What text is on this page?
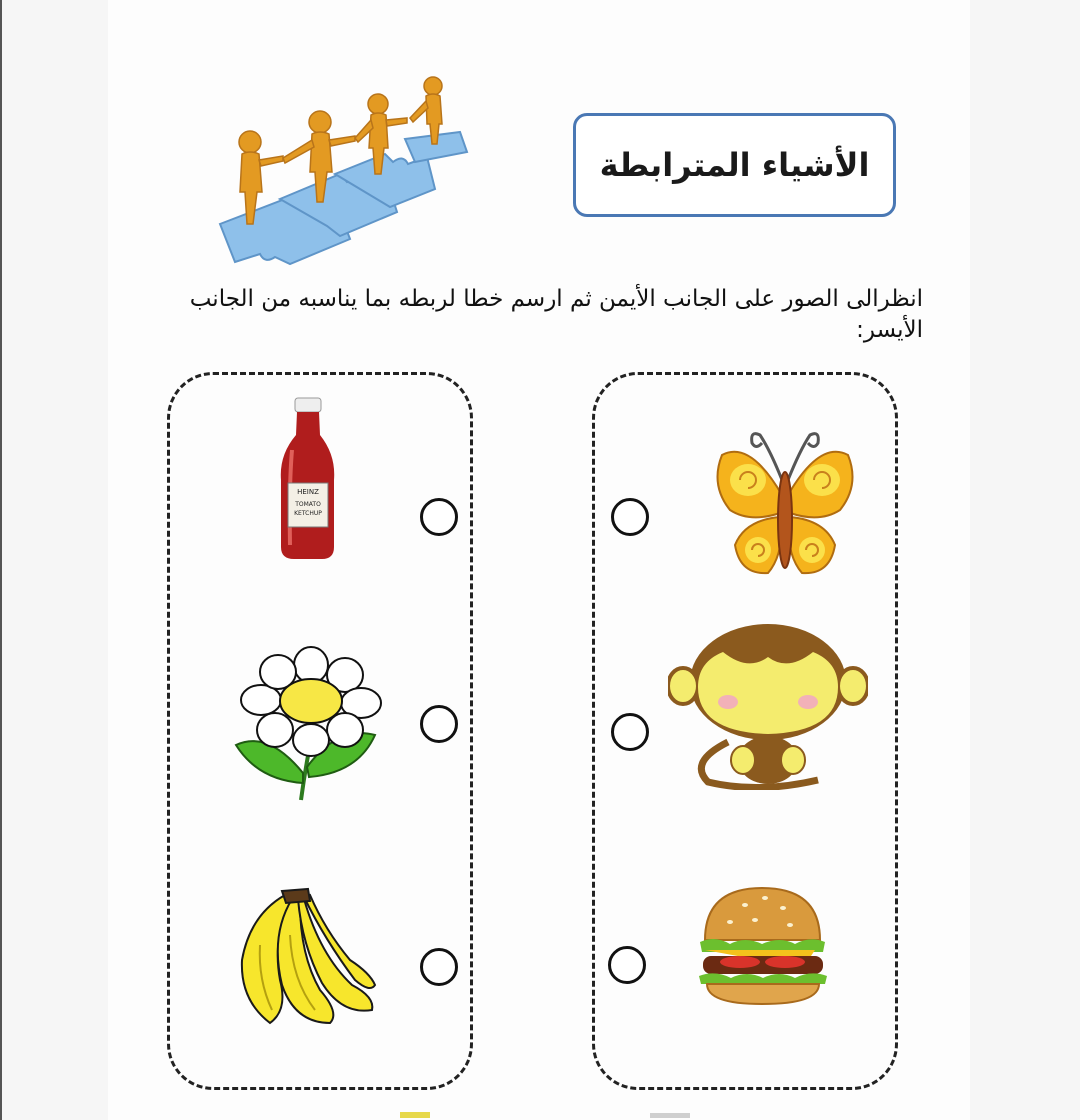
الأشياء المترابطة
انظرالى الصور على الجانب الأيمن ثم ارسم خطا لربطه بما يناسبه من الجانب
الأيسر:
HEINZ
TOMATO
KETCHUP
